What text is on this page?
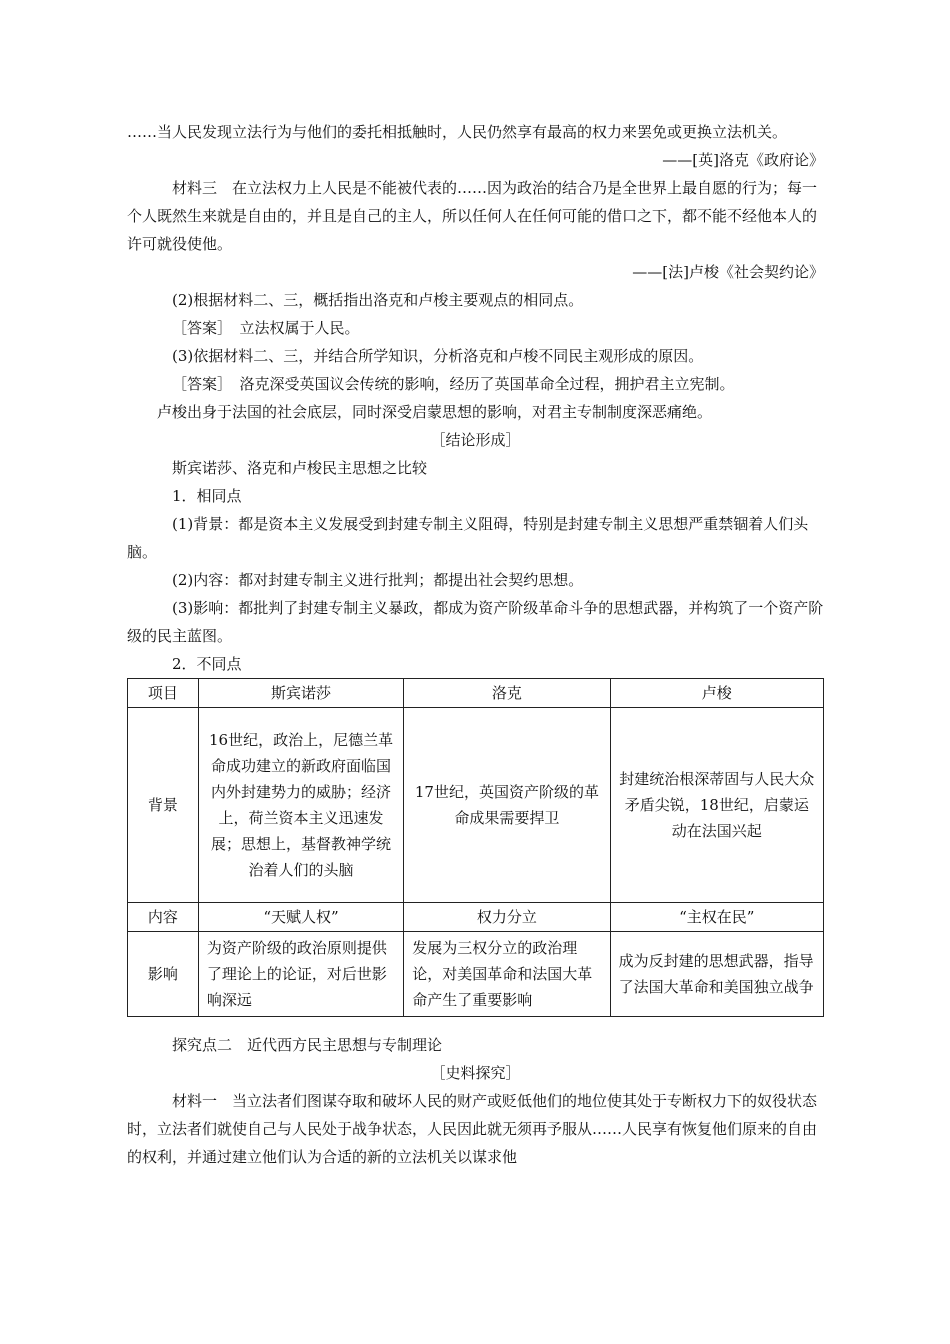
……当人民发现立法行为与他们的委托相抵触时，人民仍然享有最高的权力来罢免或更换立法机关。

——[英]洛克《政府论》

材料三　在立法权力上人民是不能被代表的……因为政治的结合乃是全世界上最自愿的行为；每一个人既然生来就是自由的，并且是自己的主人，所以任何人在任何可能的借口之下，都不能不经他本人的许可就役使他。

——[法]卢梭《社会契约论》

(2)根据材料二、三，概括指出洛克和卢梭主要观点的相同点。

［答案］　立法权属于人民。

(3)依据材料二、三，并结合所学知识，分析洛克和卢梭不同民主观形成的原因。

［答案］　洛克深受英国议会传统的影响，经历了英国革命全过程，拥护君主立宪制。

卢梭出身于法国的社会底层，同时深受启蒙思想的影响，对君主专制制度深恶痛绝。

［结论形成］

斯宾诺莎、洛克和卢梭民主思想之比较

1．相同点

(1)背景：都是资本主义发展受到封建专制主义阻碍，特别是封建专制主义思想严重禁锢着人们头脑。

(2)内容：都对封建专制主义进行批判；都提出社会契约思想。

(3)影响：都批判了封建专制主义暴政，都成为资产阶级革命斗争的思想武器，并构筑了一个资产阶级的民主蓝图。

2．不同点

项目	斯宾诺莎	洛克	卢梭
背景	16世纪，政治上，尼德兰革命成功建立的新政府面临国内外封建势力的威胁；经济上，荷兰资本主义迅速发展；思想上，基督教神学统治着人们的头脑	17世纪，英国资产阶级的革命成果需要捍卫	封建统治根深蒂固与人民大众矛盾尖锐，18世纪，启蒙运动在法国兴起
内容	“天赋人权”	权力分立	“主权在民”
影响	为资产阶级的政治原则提供了理论上的论证，对后世影响深远	发展为三权分立的政治理论，对美国革命和法国大革命产生了重要影响	成为反封建的思想武器，指导了法国大革命和美国独立战争

探究点二　近代西方民主思想与专制理论

［史料探究］

材料一　当立法者们图谋夺取和破坏人民的财产或贬低他们的地位使其处于专断权力下的奴役状态时，立法者们就使自己与人民处于战争状态，人民因此就无须再予服从……人民享有恢复他们原来的自由的权利，并通过建立他们认为合适的新的立法机关以谋求他
